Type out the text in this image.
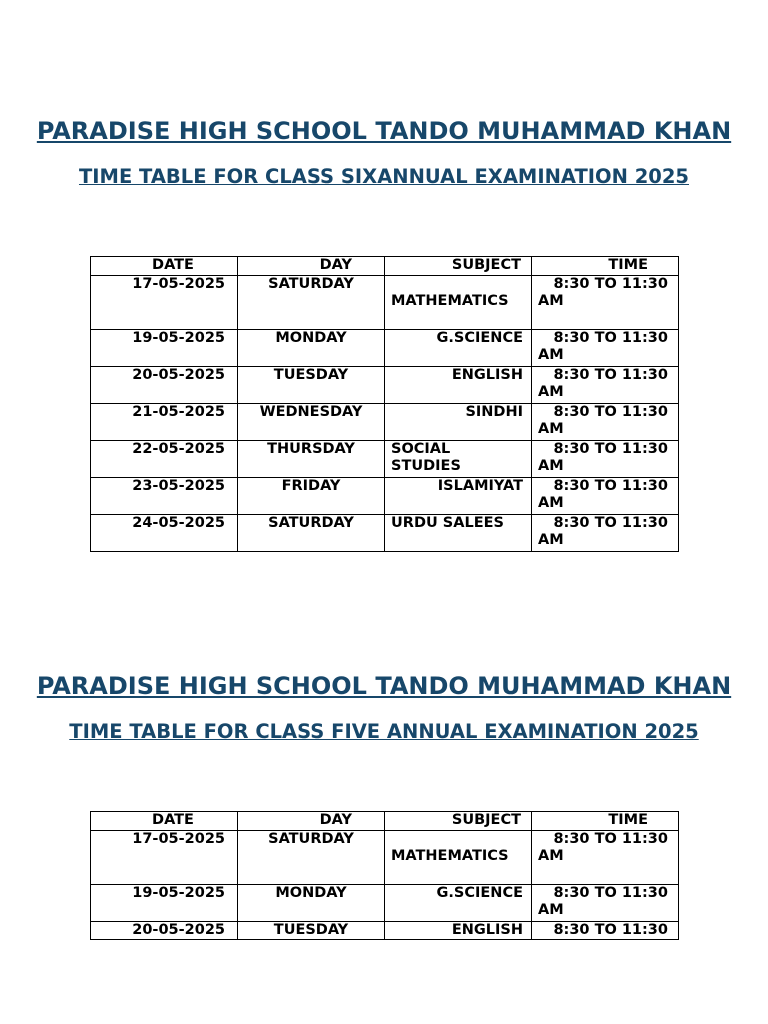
PARADISE HIGH SCHOOL TANDO MUHAMMAD KHAN
TIME TABLE FOR CLASS SIXANNUAL EXAMINATION 2025
DATE	DAY	SUBJECT	TIME
17-05-2025	SATURDAY	MATHEMATICS	8:30 TO 11:30
AM
19-05-2025	MONDAY	G.SCIENCE	8:30 TO 11:30
AM
20-05-2025	TUESDAY	ENGLISH	8:30 TO 11:30
AM
21-05-2025	WEDNESDAY	SINDHI	8:30 TO 11:30
AM
22-05-2025	THURSDAY	SOCIAL STUDIES	8:30 TO 11:30
AM
23-05-2025	FRIDAY	ISLAMIYAT	8:30 TO 11:30
AM
24-05-2025	SATURDAY	URDU SALEES	8:30 TO 11:30
AM
PARADISE HIGH SCHOOL TANDO MUHAMMAD KHAN
TIME TABLE FOR CLASS FIVE ANNUAL EXAMINATION 2025
DATE	DAY	SUBJECT	TIME
17-05-2025	SATURDAY	MATHEMATICS	8:30 TO 11:30
AM
19-05-2025	MONDAY	G.SCIENCE	8:30 TO 11:30
AM
20-05-2025	TUESDAY	ENGLISH	8:30 TO 11:30
